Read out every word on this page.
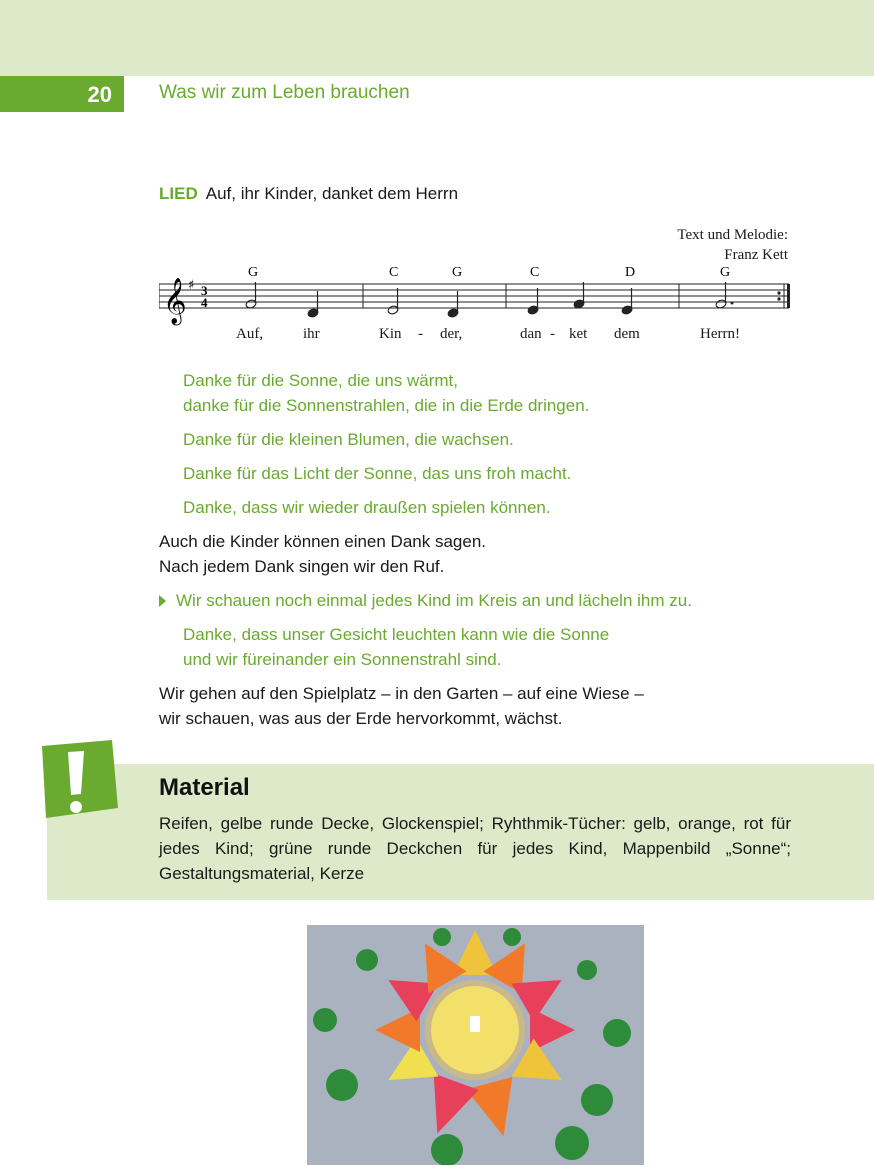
20	Was wir zum Leben brauchen
LIED Auf, ihr Kinder, danket dem Herrn
Text und Melodie:
Franz Kett
G	C	G	C	D	G
𝄞 ♯ 3
4
Auf,	ihr	Kin - der,	dan - ket dem	Herrn!
Danke für die Sonne, die uns wärmt,
danke für die Sonnenstrahlen, die in die Erde dringen.
Danke für die kleinen Blumen, die wachsen.
Danke für das Licht der Sonne, das uns froh macht.
Danke, dass wir wieder draußen spielen können.
Auch die Kinder können einen Dank sagen.
Nach jedem Dank singen wir den Ruf.
Wir schauen noch einmal jedes Kind im Kreis an und lächeln ihm zu.
Danke, dass unser Gesicht leuchten kann wie die Sonne
und wir füreinander ein Sonnenstrahl sind.
Wir gehen auf den Spielplatz – in den Garten – auf eine Wiese –
wir schauen, was aus der Erde hervorkommt, wächst.
Material
Reifen, gelbe runde Decke, Glockenspiel; Ryhthmik-Tücher: gelb, orange, rot für jedes Kind; grüne runde Deckchen für jedes Kind, Mappenbild „Sonne“; Gestaltungsmaterial, Kerze
